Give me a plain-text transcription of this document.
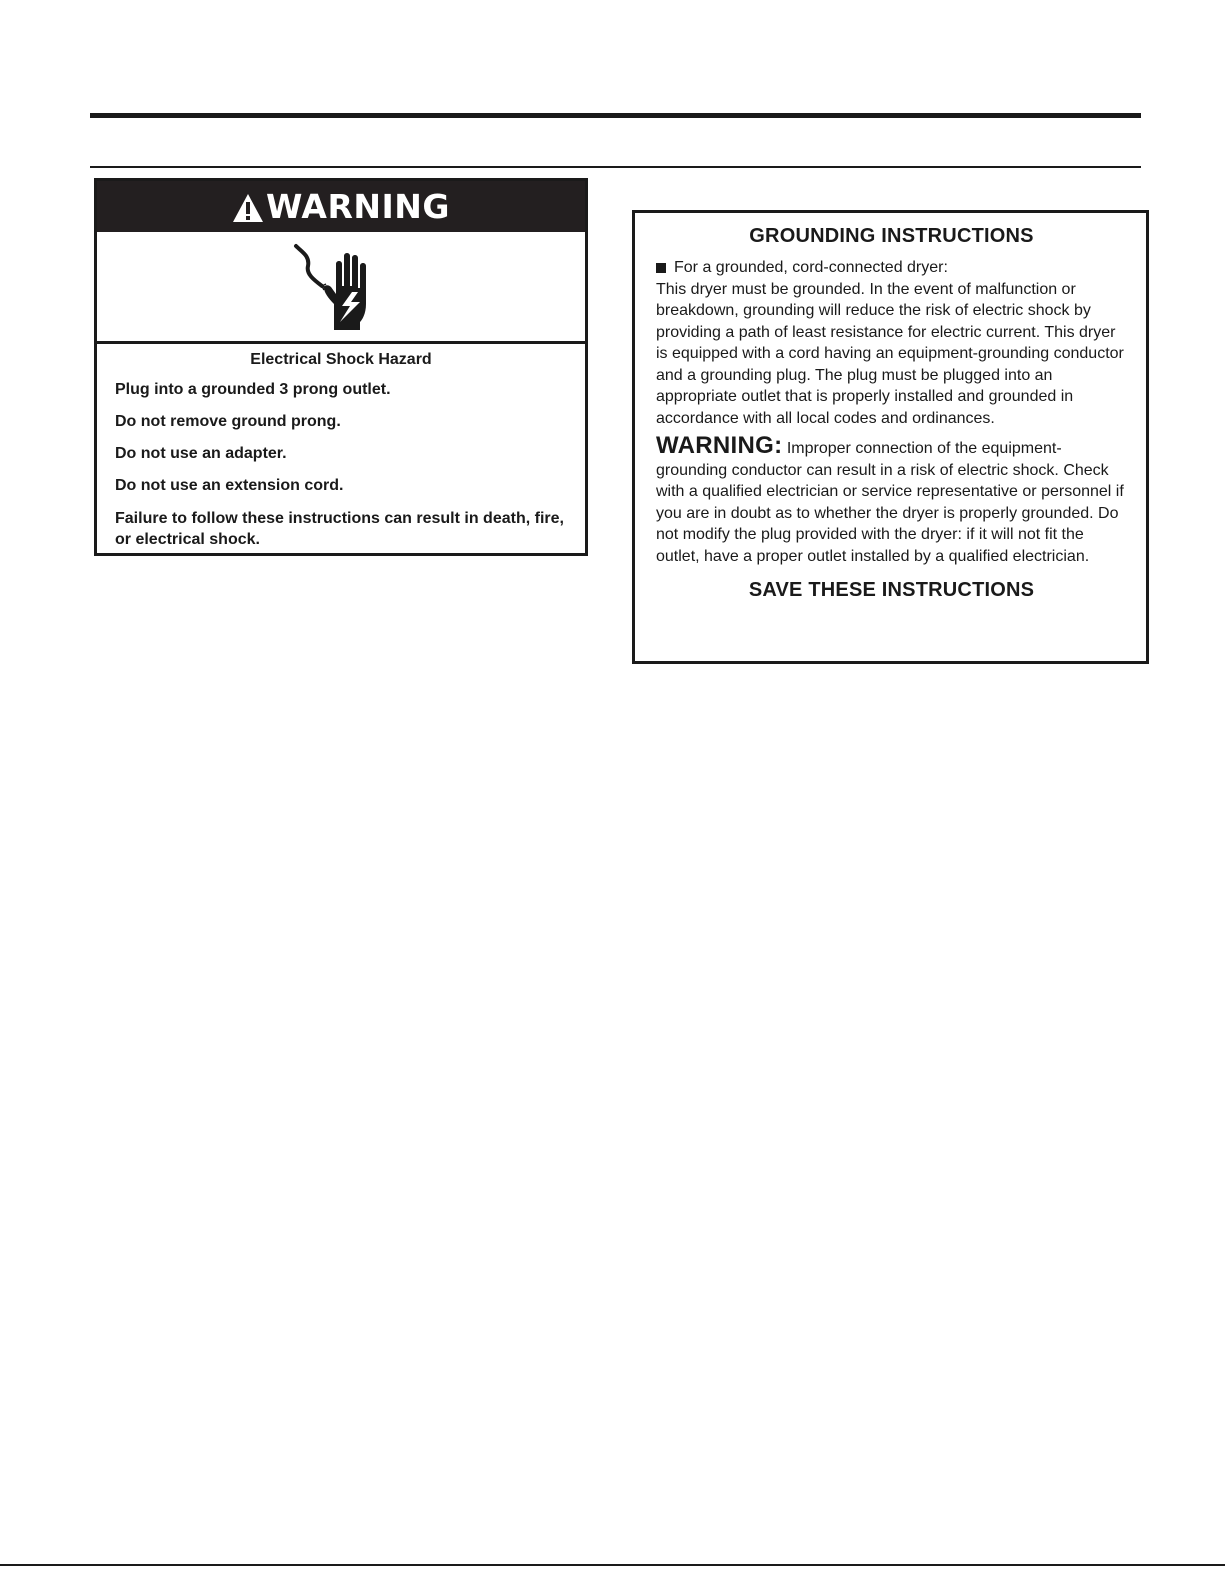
WARNING
Electrical Shock Hazard
Plug into a grounded 3 prong outlet.
Do not remove ground prong.
Do not use an adapter.
Do not use an extension cord.
Failure to follow these instructions can result in death, fire, or electrical shock.
GROUNDING INSTRUCTIONS
For a grounded, cord-connected dryer:

This dryer must be grounded. In the event of malfunction or breakdown, grounding will reduce the risk of electric shock by providing a path of least resistance for electric current. This dryer is equipped with a cord having an equipment-grounding conductor and a grounding plug. The plug must be plugged into an appropriate outlet that is properly installed and grounded in accordance with all local codes and ordinances.

WARNING: Improper connection of the equipment-grounding conductor can result in a risk of electric shock. Check with a qualified electrician or service representative or personnel if you are in doubt as to whether the dryer is properly grounded. Do not modify the plug provided with the dryer: if it will not fit the outlet, have a proper outlet installed by a qualified electrician.
SAVE THESE INSTRUCTIONS
